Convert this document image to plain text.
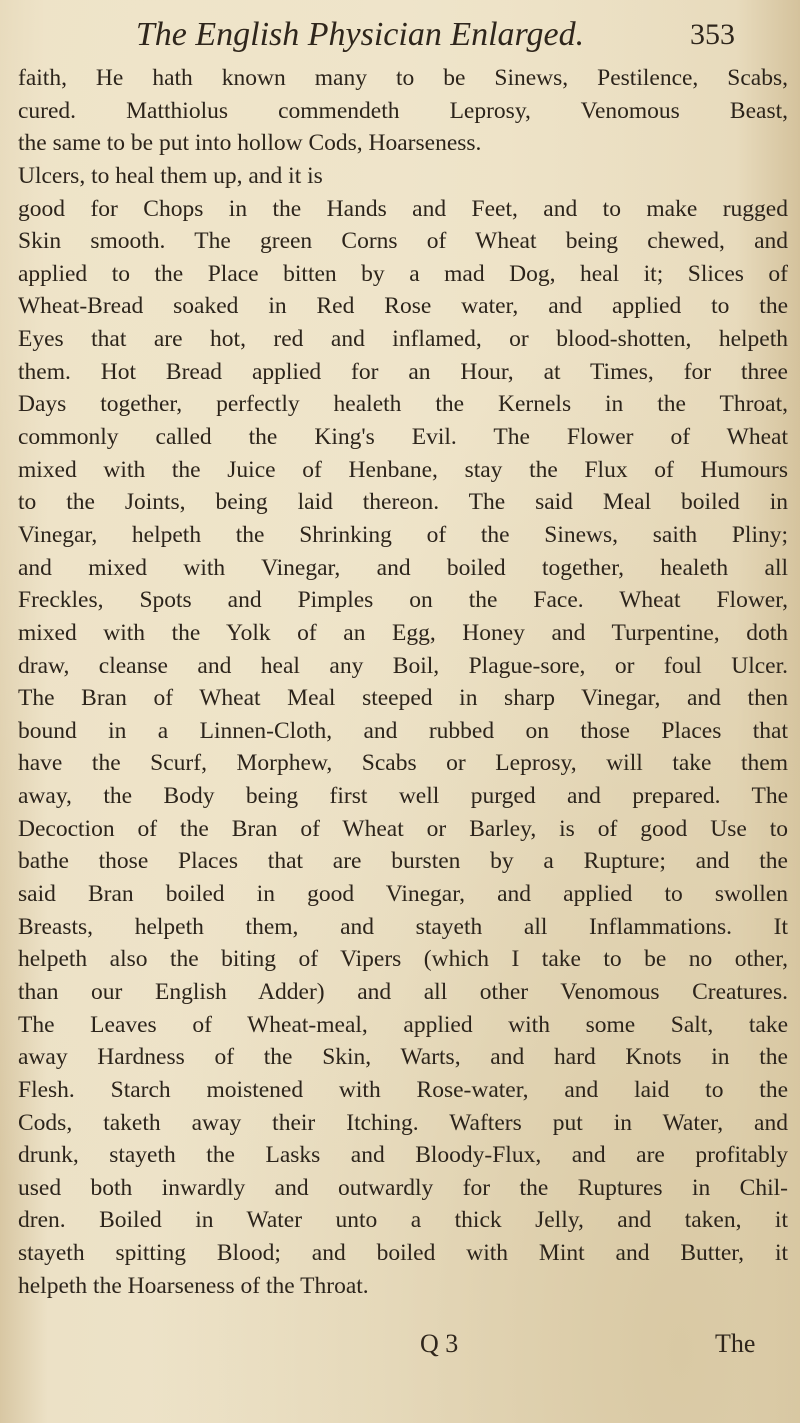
The English Physician Enlarged.	353
faith, He hath known many to be Sinews, Pestilence, Scabs,
cured. Matthiolus commendeth Leprosy, Venomous Beast,
the same to be put into hollow Cods, Hoarseness.
Ulcers, to heal them up, and it is
good for Chops in the Hands and Feet, and to make rugged
Skin smooth. The green Corns of Wheat being chewed, and
applied to the Place bitten by a mad Dog, heal it; Slices of
Wheat-Bread soaked in Red Rose water, and applied to the
Eyes that are hot, red and inflamed, or blood-shotten, helpeth
them. Hot Bread applied for an Hour, at Times, for three
Days together, perfectly healeth the Kernels in the Throat,
commonly called the King's Evil. The Flower of Wheat
mixed with the Juice of Henbane, stay the Flux of Humours
to the Joints, being laid thereon. The said Meal boiled in
Vinegar, helpeth the Shrinking of the Sinews, saith Pliny;
and mixed with Vinegar, and boiled together, healeth all
Freckles, Spots and Pimples on the Face. Wheat Flower,
mixed with the Yolk of an Egg, Honey and Turpentine, doth
draw, cleanse and heal any Boil, Plague-sore, or foul Ulcer.
The Bran of Wheat Meal steeped in sharp Vinegar, and then
bound in a Linnen-Cloth, and rubbed on those Places that
have the Scurf, Morphew, Scabs or Leprosy, will take them
away, the Body being first well purged and prepared. The
Decoction of the Bran of Wheat or Barley, is of good Use to
bathe those Places that are bursten by a Rupture; and the
said Bran boiled in good Vinegar, and applied to swollen
Breasts, helpeth them, and stayeth all Inflammations. It
helpeth also the biting of Vipers (which I take to be no other,
than our English Adder) and all other Venomous Creatures.
The Leaves of Wheat-meal, applied with some Salt, take
away Hardness of the Skin, Warts, and hard Knots in the
Flesh. Starch moistened with Rose-water, and laid to the
Cods, taketh away their Itching. Wafters put in Water, and
drunk, stayeth the Lasks and Bloody-Flux, and are profitably
used both inwardly and outwardly for the Ruptures in Chil-
dren. Boiled in Water unto a thick Jelly, and taken, it
stayeth spitting Blood; and boiled with Mint and Butter, it
helpeth the Hoarseness of the Throat.
Q 3	The
